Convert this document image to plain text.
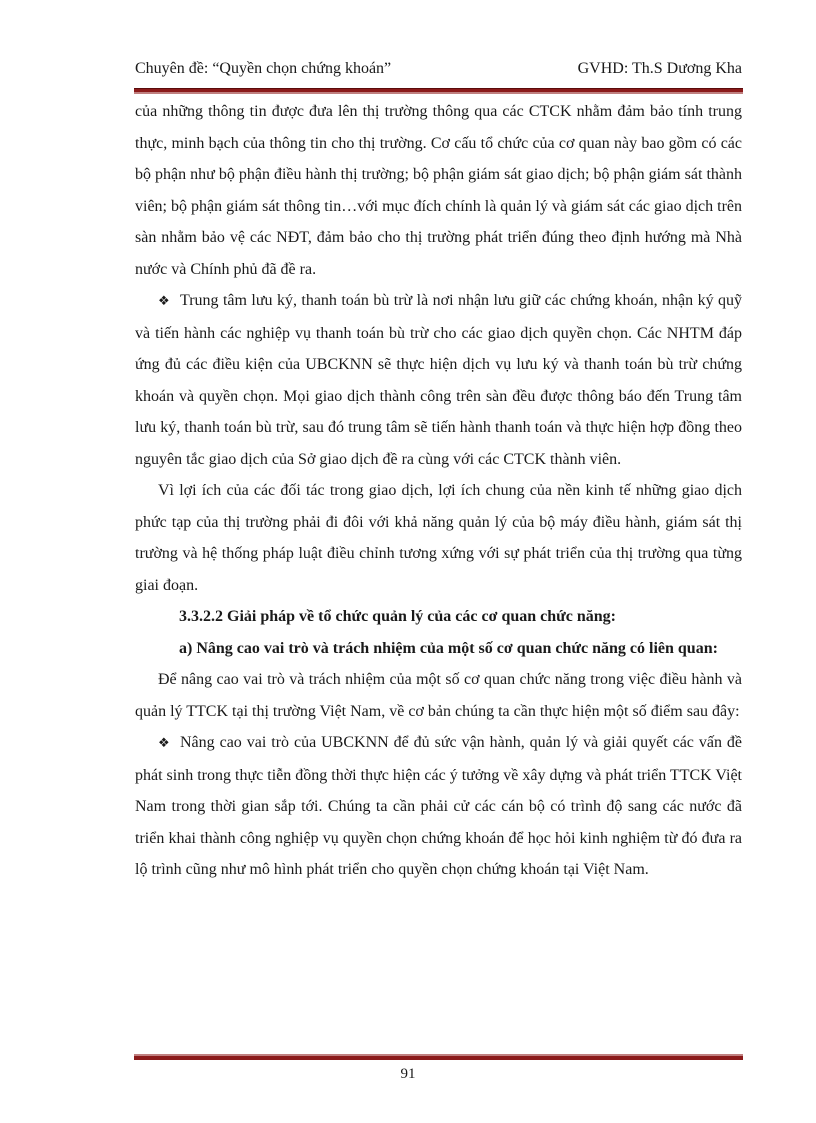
Chuyên đề: “Quyền chọn chứng khoán”	GVHD: Th.S Dương Kha

của những thông tin được đưa lên thị trường thông qua các CTCK nhằm đảm bảo tính trung thực, minh bạch của thông tin cho thị trường. Cơ cấu tổ chức của cơ quan này bao gồm có các bộ phận như bộ phận điều hành thị trường; bộ phận giám sát giao dịch; bộ phận giám sát thành viên; bộ phận giám sát thông tin…với mục đích chính là quản lý và giám sát các giao dịch trên sàn nhằm bảo vệ các NĐT, đảm bảo cho thị trường phát triển đúng theo định hướng mà Nhà nước và Chính phủ đã đề ra.

❖ Trung tâm lưu ký, thanh toán bù trừ là nơi nhận lưu giữ các chứng khoán, nhận ký quỹ và tiến hành các nghiệp vụ thanh toán bù trừ cho các giao dịch quyền chọn. Các NHTM đáp ứng đủ các điều kiện của UBCKNN sẽ thực hiện dịch vụ lưu ký và thanh toán bù trừ chứng khoán và quyền chọn. Mọi giao dịch thành công trên sàn đều được thông báo đến Trung tâm lưu ký, thanh toán bù trừ, sau đó trung tâm sẽ tiến hành thanh toán và thực hiện hợp đồng theo nguyên tắc giao dịch của Sở giao dịch đề ra cùng với các CTCK thành viên.

Vì lợi ích của các đối tác trong giao dịch, lợi ích chung của nền kinh tế những giao dịch phức tạp của thị trường phải đi đôi với khả năng quản lý của bộ máy điều hành, giám sát thị trường và hệ thống pháp luật điều chỉnh tương xứng với sự phát triển của thị trường qua từng giai đoạn.

3.3.2.2 Giải pháp về tổ chức quản lý của các cơ quan chức năng:

a) Nâng cao vai trò và trách nhiệm của một số cơ quan chức năng có liên quan:

Để nâng cao vai trò và trách nhiệm của một số cơ quan chức năng trong việc điều hành và quản lý TTCK tại thị trường Việt Nam, về cơ bản chúng ta cần thực hiện một số điểm sau đây:

❖ Nâng cao vai trò của UBCKNN để đủ sức vận hành, quản lý và giải quyết các vấn đề phát sinh trong thực tiễn đồng thời thực hiện các ý tưởng về xây dựng và phát triển TTCK Việt Nam trong thời gian sắp tới. Chúng ta cần phải cử các cán bộ có trình độ sang các nước đã triển khai thành công nghiệp vụ quyền chọn chứng khoán để học hỏi kinh nghiệm từ đó đưa ra lộ trình cũng như mô hình phát triển cho quyền chọn chứng khoán tại Việt Nam.

91
